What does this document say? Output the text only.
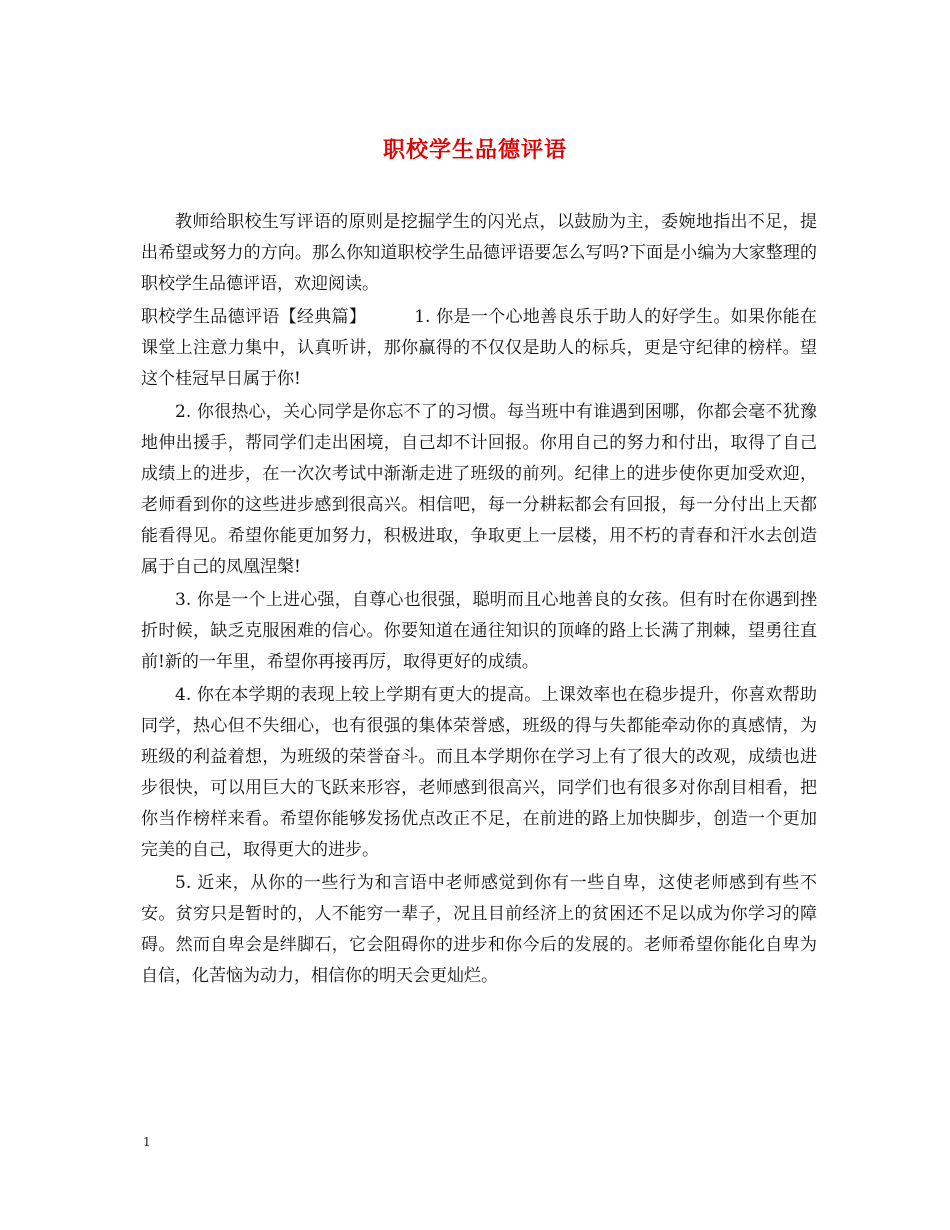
职校学生品德评语

教师给职校生写评语的原则是挖掘学生的闪光点，以鼓励为主，委婉地指出不足，提出希望或努力的方向。那么你知道职校学生品德评语要怎么写吗?下面是小编为大家整理的职校学生品德评语，欢迎阅读。

职校学生品德评语【经典篇】	1. 你是一个心地善良乐于助人的好学生。如果你能在课堂上注意力集中，认真听讲，那你赢得的不仅仅是助人的标兵，更是守纪律的榜样。望这个桂冠早日属于你!

2. 你很热心，关心同学是你忘不了的习惯。每当班中有谁遇到困哪，你都会毫不犹豫地伸出援手，帮同学们走出困境，自己却不计回报。你用自己的努力和付出，取得了自己成绩上的进步，在一次次考试中渐渐走进了班级的前列。纪律上的进步使你更加受欢迎，老师看到你的这些进步感到很高兴。相信吧，每一分耕耘都会有回报，每一分付出上天都能看得见。希望你能更加努力，积极进取，争取更上一层楼，用不朽的青春和汗水去创造属于自己的凤凰涅槃!

3. 你是一个上进心强，自尊心也很强，聪明而且心地善良的女孩。但有时在你遇到挫折时候，缺乏克服困难的信心。你要知道在通往知识的顶峰的路上长满了荆棘，望勇往直前!新的一年里，希望你再接再厉，取得更好的成绩。

4. 你在本学期的表现上较上学期有更大的提高。上课效率也在稳步提升，你喜欢帮助同学，热心但不失细心，也有很强的集体荣誉感，班级的得与失都能牵动你的真感情，为班级的利益着想，为班级的荣誉奋斗。而且本学期你在学习上有了很大的改观，成绩也进步很快，可以用巨大的飞跃来形容，老师感到很高兴，同学们也有很多对你刮目相看，把你当作榜样来看。希望你能够发扬优点改正不足，在前进的路上加快脚步，创造一个更加完美的自己，取得更大的进步。

5. 近来，从你的一些行为和言语中老师感觉到你有一些自卑，这使老师感到有些不安。贫穷只是暂时的，人不能穷一辈子，况且目前经济上的贫困还不足以成为你学习的障碍。然而自卑会是绊脚石，它会阻碍你的进步和你今后的发展的。老师希望你能化自卑为自信，化苦恼为动力，相信你的明天会更灿烂。

1
